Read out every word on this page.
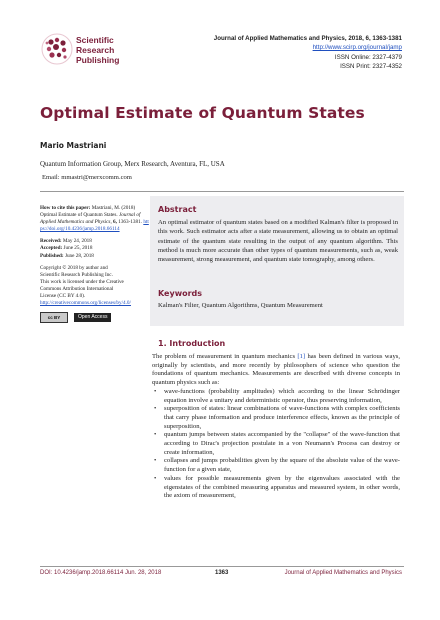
Scientific
Research
Publishing
Journal of Applied Mathematics and Physics, 2018, 6, 1363-1381
http://www.scirp.org/journal/jamp
ISSN Online: 2327-4379
ISSN Print: 2327-4352
Optimal Estimate of Quantum States
Mario Mastriani
Quantum Information Group, Merx Research, Aventura, FL, USA
Email: mmastri@merxcomm.com

How to cite this paper: Mastriani, M. (2018) Optimal Estimate of Quantum States. Journal of Applied Mathematics and Physics, 6, 1363-1381. https://doi.org/10.4236/jamp.2018.66114

Received: May 24, 2018
Accepted: June 25, 2018
Published: June 28, 2018

Copyright © 2018 by author and
Scientific Research Publishing Inc.
This work is licensed under the Creative
Commons Attribution International
License (CC BY 4.0).
http://creativecommons.org/licenses/by/4.0/

cc BY	Open Access
Abstract
An optimal estimator of quantum states based on a modified Kalman's filter is proposed in this work. Such estimator acts after a state measurement, allowing us to obtain an optimal estimate of the quantum state resulting in the output of any quantum algorithm. This method is much more accurate than other types of quantum measurements, such as, weak measurement, strong measurement, and quantum state tomography, among others.
Keywords
Kalman's Filter, Quantum Algorithms, Quantum Measurement
1. Introduction

The problem of measurement in quantum mechanics [1] has been defined in various ways, originally by scientists, and more recently by philosophers of science who question the foundations of quantum mechanics. Measurements are described with diverse concepts in quantum physics such as:

• wave-functions (probability amplitudes) which according to the linear Schrödinger equation involve a unitary and deterministic operator, thus preserving information,
• superposition of states: linear combinations of wave-functions with complex coefficients that carry phase information and produce interference effects, known as the principle of superposition,
• quantum jumps between states accompanied by the "collapse" of the wave-function that according to Dirac's projection postulate in a von Neumann's Process can destroy or create information,
• collapses and jumps probabilities given by the square of the absolute value of the wave-function for a given state,
• values for possible measurements given by the eigenvalues associated with the eigenstates of the combined measuring apparatus and measured system, in other words, the axiom of measurement,
DOI: 10.4236/jamp.2018.66114 Jun. 28, 2018	1363	Journal of Applied Mathematics and Physics
